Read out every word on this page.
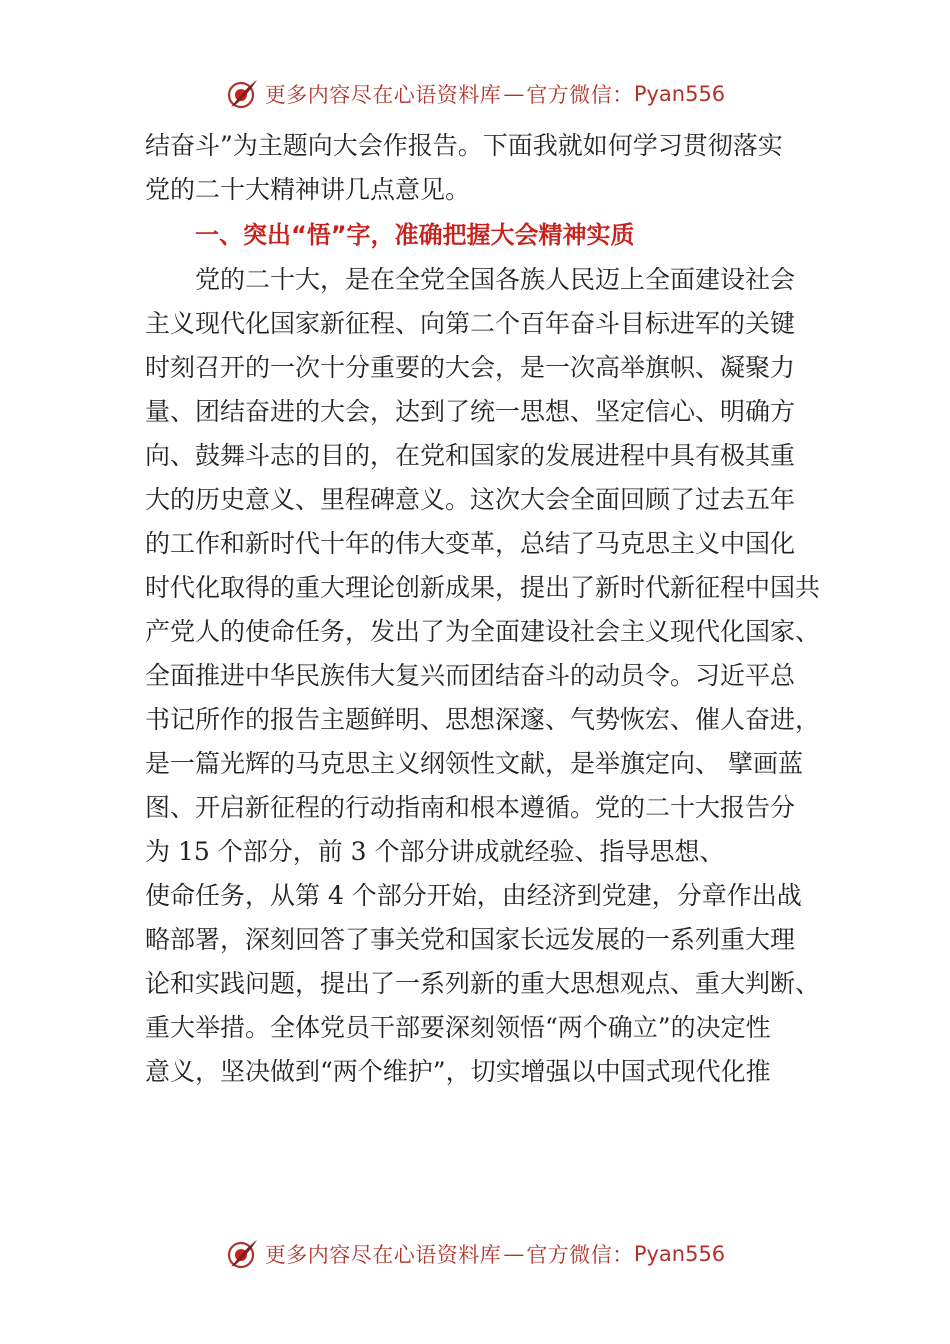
更多内容尽在心语资料库 — 官方微信： Pyan556
结奋斗”为主题向大会作报告。下面我就如何学习贯彻落实
党的二十大精神讲几点意见。
一、突出“悟”字，准确把握大会精神实质
党的二十大，是在全党全国各族人民迈上全面建设社会
主义现代化国家新征程、向第二个百年奋斗目标进军的关键
时刻召开的一次十分重要的大会，是一次高举旗帜、凝聚力
量、团结奋进的大会，达到了统一思想、坚定信心、明确方
向、鼓舞斗志的目的，在党和国家的发展进程中具有极其重
大的历史意义、里程碑意义。这次大会全面回顾了过去五年
的工作和新时代十年的伟大变革，总结了马克思主义中国化
时代化取得的重大理论创新成果，提出了新时代新征程中国共
产党人的使命任务，发出了为全面建设社会主义现代化国家、
全面推进中华民族伟大复兴而团结奋斗的动员令。习近平总
书记所作的报告主题鲜明、思想深邃、气势恢宏、催人奋进，
是一篇光辉的马克思主义纲领性文献，是举旗定向、 擘画蓝
图、开启新征程的行动指南和根本遵循。党的二十大报告分
为 15 个部分，前 3 个部分讲成就经验、指导思想、
使命任务，从第 4 个部分开始，由经济到党建，分章作出战
略部署，深刻回答了事关党和国家长远发展的一系列重大理
论和实践问题，提出了一系列新的重大思想观点、重大判断、
重大举措。全体党员干部要深刻领悟“两个确立”的决定性
意义，坚决做到“两个维护”，切实增强以中国式现代化推
更多内容尽在心语资料库 — 官方微信： Pyan556
